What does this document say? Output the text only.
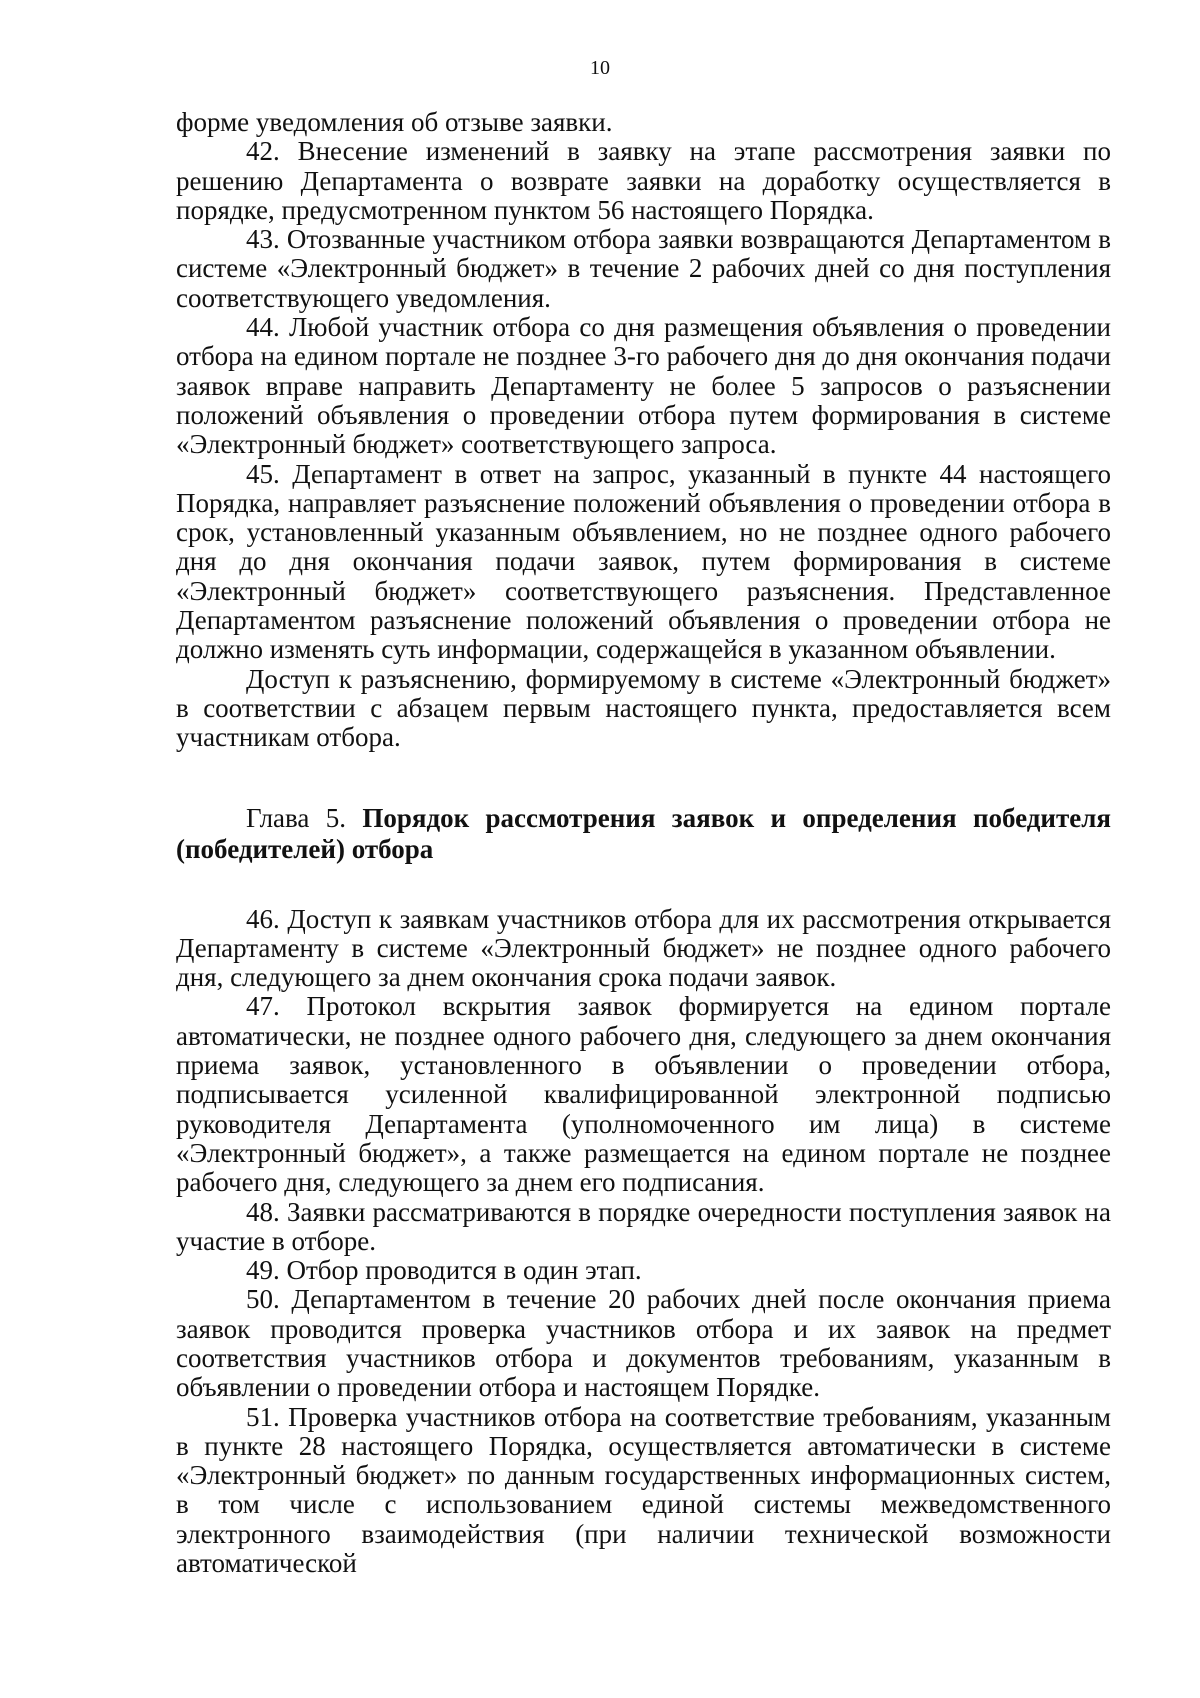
10

форме уведомления об отзыве заявки.

42. Внесение изменений в заявку на этапе рассмотрения заявки по решению Департамента о возврате заявки на доработку осуществляется в порядке, предусмотренном пунктом 56 настоящего Порядка.

43. Отозванные участником отбора заявки возвращаются Департаментом в системе «Электронный бюджет» в течение 2 рабочих дней со дня поступления соответствующего уведомления.

44. Любой участник отбора со дня размещения объявления о проведении отбора на едином портале не позднее 3-го рабочего дня до дня окончания подачи заявок вправе направить Департаменту не более 5 запросов о разъяснении положений объявления о проведении отбора путем формирования в системе «Электронный бюджет» соответствующего запроса.

45. Департамент в ответ на запрос, указанный в пункте 44 настоящего Порядка, направляет разъяснение положений объявления о проведении отбора в срок, установленный указанным объявлением, но не позднее одного рабочего дня до дня окончания подачи заявок, путем формирования в системе «Электронный бюджет» соответствующего разъяснения. Представленное Департаментом разъяснение положений объявления о проведении отбора не должно изменять суть информации, содержащейся в указанном объявлении.

Доступ к разъяснению, формируемому в системе «Электронный бюджет» в соответствии с абзацем первым настоящего пункта, предоставляется всем участникам отбора.

Глава 5. Порядок рассмотрения заявок и определения победителя (победителей) отбора

46. Доступ к заявкам участников отбора для их рассмотрения открывается Департаменту в системе «Электронный бюджет» не позднее одного рабочего дня, следующего за днем окончания срока подачи заявок.

47. Протокол вскрытия заявок формируется на едином портале автоматически, не позднее одного рабочего дня, следующего за днем окончания приема заявок, установленного в объявлении о проведении отбора, подписывается усиленной квалифицированной электронной подписью руководителя Департамента (уполномоченного им лица) в системе «Электронный бюджет», а также размещается на едином портале не позднее рабочего дня, следующего за днем его подписания.

48. Заявки рассматриваются в порядке очередности поступления заявок на участие в отборе.

49. Отбор проводится в один этап.

50. Департаментом в течение 20 рабочих дней после окончания приема заявок проводится проверка участников отбора и их заявок на предмет соответствия участников отбора и документов требованиям, указанным в объявлении о проведении отбора и настоящем Порядке.

51. Проверка участников отбора на соответствие требованиям, указанным в пункте 28 настоящего Порядка, осуществляется автоматически в системе «Электронный бюджет» по данным государственных информационных систем, в том числе с использованием единой системы межведомственного электронного взаимодействия (при наличии технической возможности автоматической
